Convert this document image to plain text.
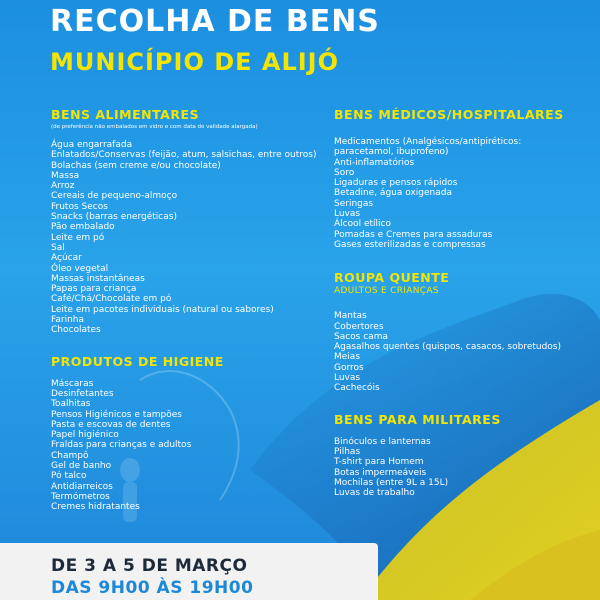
RECOLHA DE BENS
MUNICÍPIO DE ALIJÓ
BENS ALIMENTARES
(de preferência não embalados em vidro e com data de validade alargada)
Água engarrafada
Enlatados/Conservas (feijão, atum, salsichas, entre outros)
Bolachas (sem creme e/ou chocolate)
Massa
Arroz
Cereais de pequeno-almoço
Frutos Secos
Snacks (barras energéticas)
Pão embalado
Leite em pó
Sal
Açúcar
Óleo vegetal
Massas instantâneas
Papas para criança
Café/Chá/Chocolate em pó
Leite em pacotes individuais (natural ou sabores)
Farinha
Chocolates
PRODUTOS DE HIGIENE
Máscaras
Desinfetantes
Toalhitas
Pensos Higiénicos e tampões
Pasta e escovas de dentes
Papel higiénico
Fraldas para crianças e adultos
Champô
Gel de banho
Pó talco
Antidiarreicos
Termómetros
Cremes hidratantes
BENS MÉDICOS/HOSPITALARES
Medicamentos (Analgésicos/antipiréticos:
paracetamol, ibuprofeno)
Anti-inflamatórios
Soro
Ligaduras e pensos rápidos
Betadine, água oxigenada
Seringas
Luvas
Álcool etílico
Pomadas e Cremes para assaduras
Gases esterilizadas e compressas
ROUPA QUENTE
ADULTOS E CRIANÇAS
Mantas
Cobertores
Sacos cama
Agasalhos quentes (quispos, casacos, sobretudos)
Meias
Gorros
Luvas
Cachecóis
BENS PARA MILITARES
Binóculos e lanternas
Pilhas
T-shirt para Homem
Botas impermeáveis
Mochilas (entre 9L a 15L)
Luvas de trabalho
DE 3 A 5 DE MARÇO
DAS 9H00 ÀS 19H00
